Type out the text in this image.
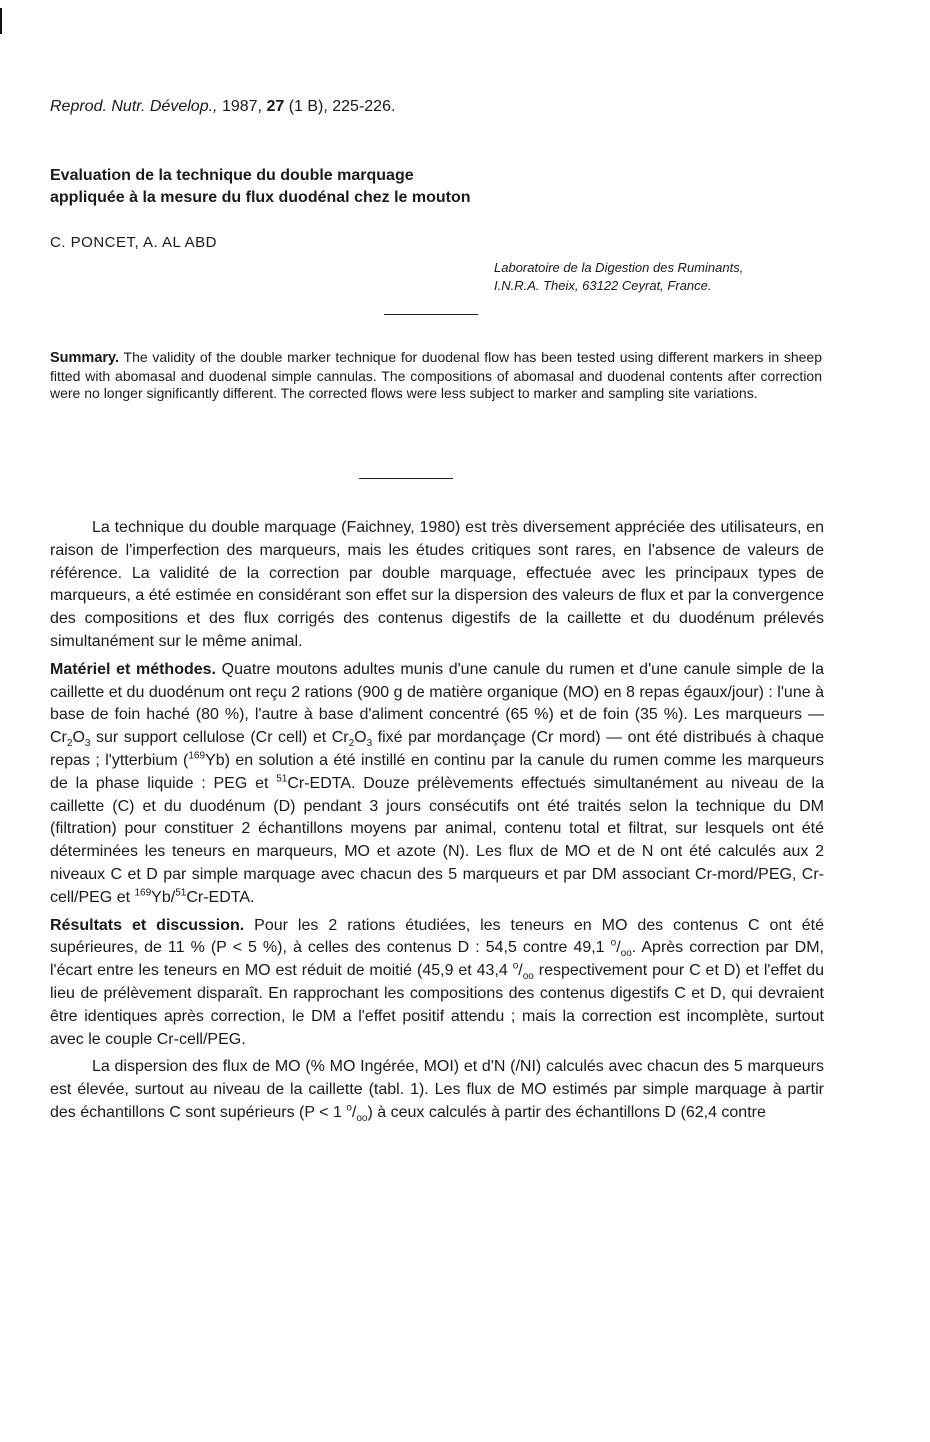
Reprod. Nutr. Dévelop., 1987, 27 (1 B), 225-226.
Evaluation de la technique du double marquage
appliquée à la mesure du flux duodénal chez le mouton
C. PONCET, A. AL ABD
Laboratoire de la Digestion des Ruminants,
I.N.R.A. Theix, 63122 Ceyrat, France.
Summary. The validity of the double marker technique for duodenal flow has been tested using different markers in sheep fitted with abomasal and duodenal simple cannulas. The compositions of abomasal and duodenal contents after correction were no longer significantly different. The corrected flows were less subject to marker and sampling site variations.

La technique du double marquage (Faichney, 1980) est très diversement appréciée des utilisateurs, en raison de l'imperfection des marqueurs, mais les études critiques sont rares, en l'absence de valeurs de référence. La validité de la correction par double marquage, effectuée avec les principaux types de marqueurs, a été estimée en considérant son effet sur la dispersion des valeurs de flux et par la convergence des compositions et des flux corrigés des contenus digestifs de la caillette et du duodénum prélevés simultanément sur le même animal.

Matériel et méthodes. Quatre moutons adultes munis d'une canule du rumen et d'une canule simple de la caillette et du duodénum ont reçu 2 rations (900 g de matière organique (MO) en 8 repas égaux/jour) : l'une à base de foin haché (80 %), l'autre à base d'aliment concentré (65 %) et de foin (35 %). Les marqueurs — $Cr_2O_3$ sur support cellulose (Cr cell) et $Cr_2O_3$ fixé par mordançage (Cr mord) — ont été distribués à chaque repas ; l'ytterbium ($^{169}$Yb) en solution a été instillé en continu par la canule du rumen comme les marqueurs de la phase liquide : PEG et $^{51}$Cr-EDTA. Douze prélèvements effectués simultanément au niveau de la caillette (C) et du duodénum (D) pendant 3 jours consécutifs ont été traités selon la technique du DM (filtration) pour constituer 2 échantillons moyens par animal, contenu total et filtrat, sur lesquels ont été déterminées les teneurs en marqueurs, MO et azote (N). Les flux de MO et de N ont été calculés aux 2 niveaux C et D par simple marquage avec chacun des 5 marqueurs et par DM associant Cr-mord/PEG, Cr-cell/PEG et $^{169}$Yb/$^{51}$Cr-EDTA.

Résultats et discussion. Pour les 2 rations étudiées, les teneurs en MO des contenus C ont été supérieures, de 11 % (P < 5 %), à celles des contenus D : 54,5 contre 49,1 $^o/_{oo}$. Après correction par DM, l'écart entre les teneurs en MO est réduit de moitié (45,9 et 43,4 $^o/_{oo}$ respectivement pour C et D) et l'effet du lieu de prélèvement disparaît. En rapprochant les compositions des contenus digestifs C et D, qui devraient être identiques après correction, le DM a l'effet positif attendu ; mais la correction est incomplète, surtout avec le couple Cr-cell/PEG.

La dispersion des flux de MO (% MO Ingérée, MOI) et d'N (/NI) calculés avec chacun des 5 marqueurs est élevée, surtout au niveau de la caillette (tabl. 1). Les flux de MO estimés par simple marquage à partir des échantillons C sont supérieurs (P < 1 $^o/_{oo}$) à ceux calculés à partir des échantillons D (62,4 contre
